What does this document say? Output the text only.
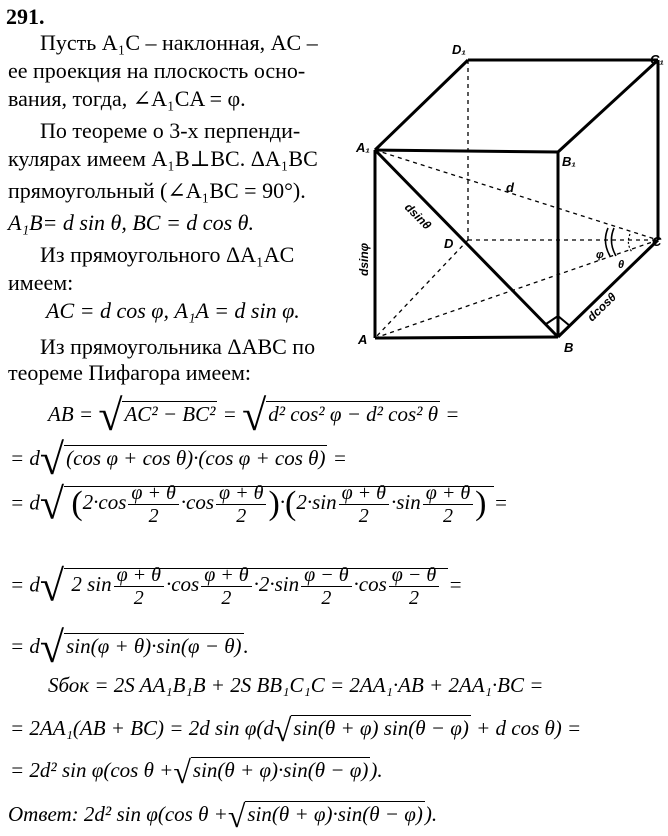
291.
Пусть A₁C – наклонная, AC –
ее проекция на плоскость осно-
вания, тогда, ∠A₁CA = φ.
По теореме о 3-х перпенди-
кулярах имеем A₁B⊥BC. ΔA₁BC
прямоугольный (∠A₁BC = 90°).
A₁B= d sin θ, BC = d cos θ.
Из прямоугольного ΔA₁AC
имеем:
AC = d cos φ, A₁A = d sin φ.
Из прямоугольника ΔABC по
теореме Пифагора имеем:
D₁
C₁
A₁
B₁
D	C
A
B
d
φ
θ
dsinθ
dsinφ
dcosθ
AB = √AC² − BC² = √d² cos² φ − d² cos² θ =
= d√(cos φ + cos θ)·(cos φ + cos θ) =
= d√ $(2\cdot\cos \frac{\varphi + \theta}{2} \cdot\cos \frac{\varphi + \theta}{2} )\cdot(2\cdot\sin \frac{\varphi + \theta}{2} \cdot\sin \frac{\varphi + \theta}{2}$ ) =
= d√ 2 $\sin \frac{\varphi + \theta}{2} \cdot\cos \frac{\varphi + \theta}{2} \cdot 2\cdot\sin \frac{\varphi - \theta}{2} \cdot\cos \frac{\varphi - \theta}{2}$ =
= d√sin(φ + θ)·sin(φ − θ).
Sбок = 2S AA₁B₁B + 2S BB₁C₁C = 2AA₁·AB + 2AA₁·BC =
= 2AA₁(AB + BC) = 2d sin φ(d√sin(θ + φ) sin(θ − φ) + d cos θ) =
= 2d² sin φ(cos θ +√sin(θ + φ)·sin(θ − φ)).
Ответ: 2d² sin φ(cos θ +√sin(θ + φ)·sin(θ − φ)).
